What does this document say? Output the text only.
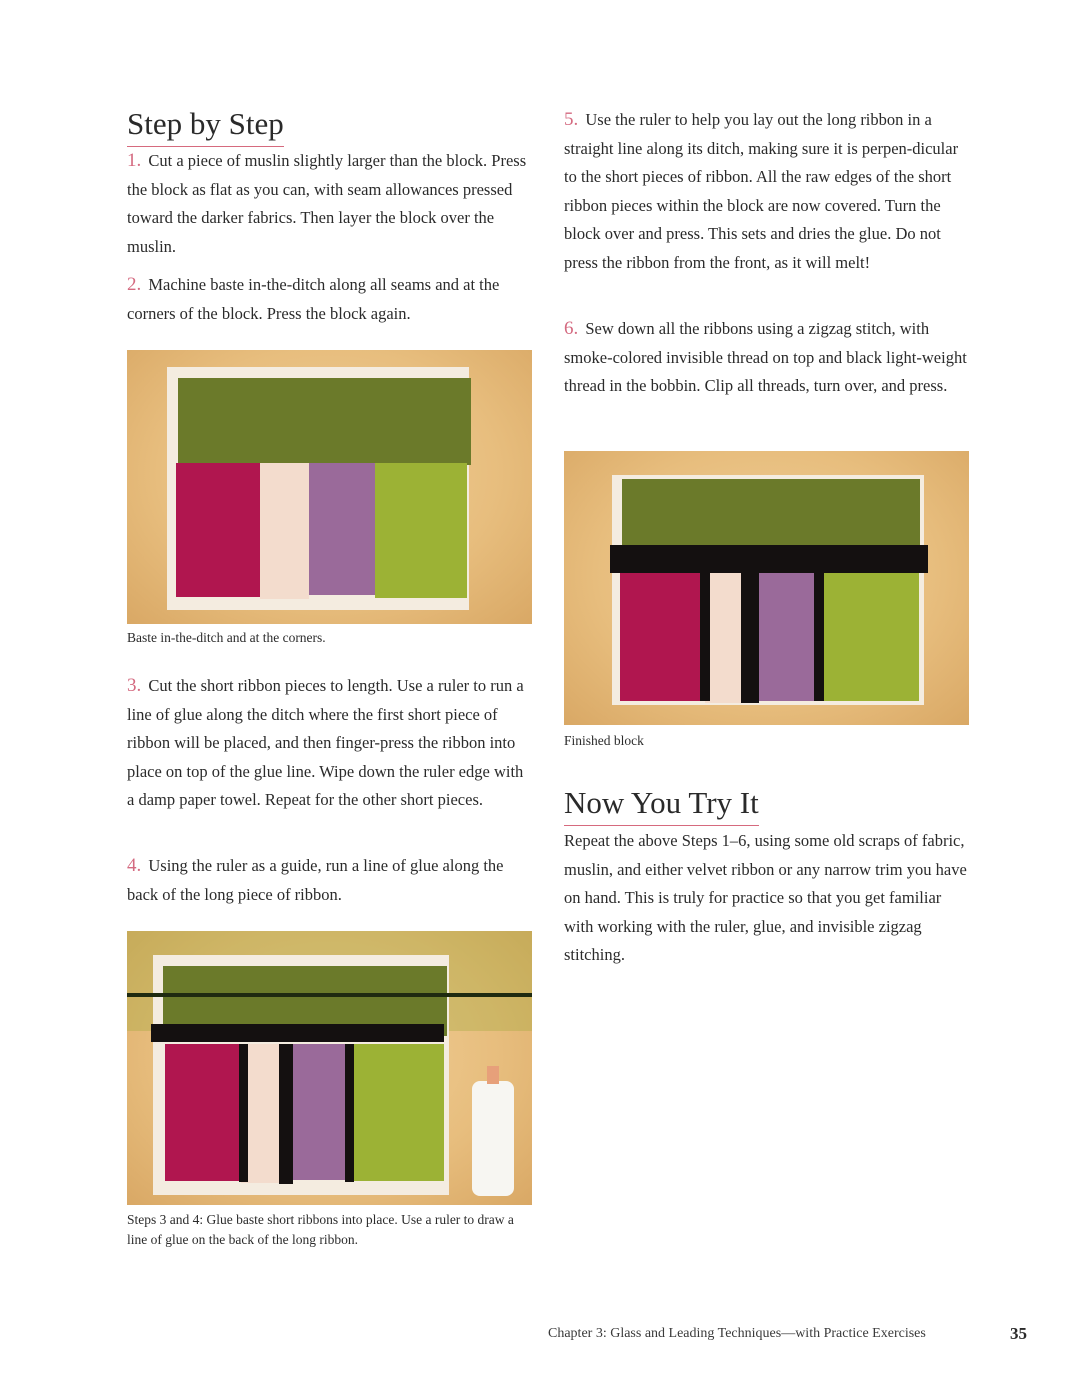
Step by Step

1. Cut a piece of muslin slightly larger than the block. Press the block as flat as you can, with seam allowances pressed toward the darker fabrics. Then layer the block over the muslin.

2. Machine baste in-the-ditch along all seams and at the corners of the block. Press the block again.

Baste in-the-ditch and at the corners.

3. Cut the short ribbon pieces to length. Use a ruler to run a line of glue along the ditch where the first short piece of ribbon will be placed, and then finger-press the ribbon into place on top of the glue line. Wipe down the ruler edge with a damp paper towel. Repeat for the other short pieces.

4. Using the ruler as a guide, run a line of glue along the back of the long piece of ribbon.

Steps 3 and 4: Glue baste short ribbons into place. Use a ruler to draw a line of glue on the back of the long ribbon.

5. Use the ruler to help you lay out the long ribbon in a straight line along its ditch, making sure it is perpen-dicular to the short pieces of ribbon. All the raw edges of the short ribbon pieces within the block are now covered. Turn the block over and press. This sets and dries the glue. Do not press the ribbon from the front, as it will melt!

6. Sew down all the ribbons using a zigzag stitch, with smoke-colored invisible thread on top and black light-weight thread in the bobbin. Clip all threads, turn over, and press.

Finished block

Now You Try It

Repeat the above Steps 1–6, using some old scraps of fabric, muslin, and either velvet ribbon or any narrow trim you have on hand. This is truly for practice so that you get familiar with working with the ruler, glue, and invisible zigzag stitching.

Chapter 3: Glass and Leading Techniques—with Practice Exercises	35
